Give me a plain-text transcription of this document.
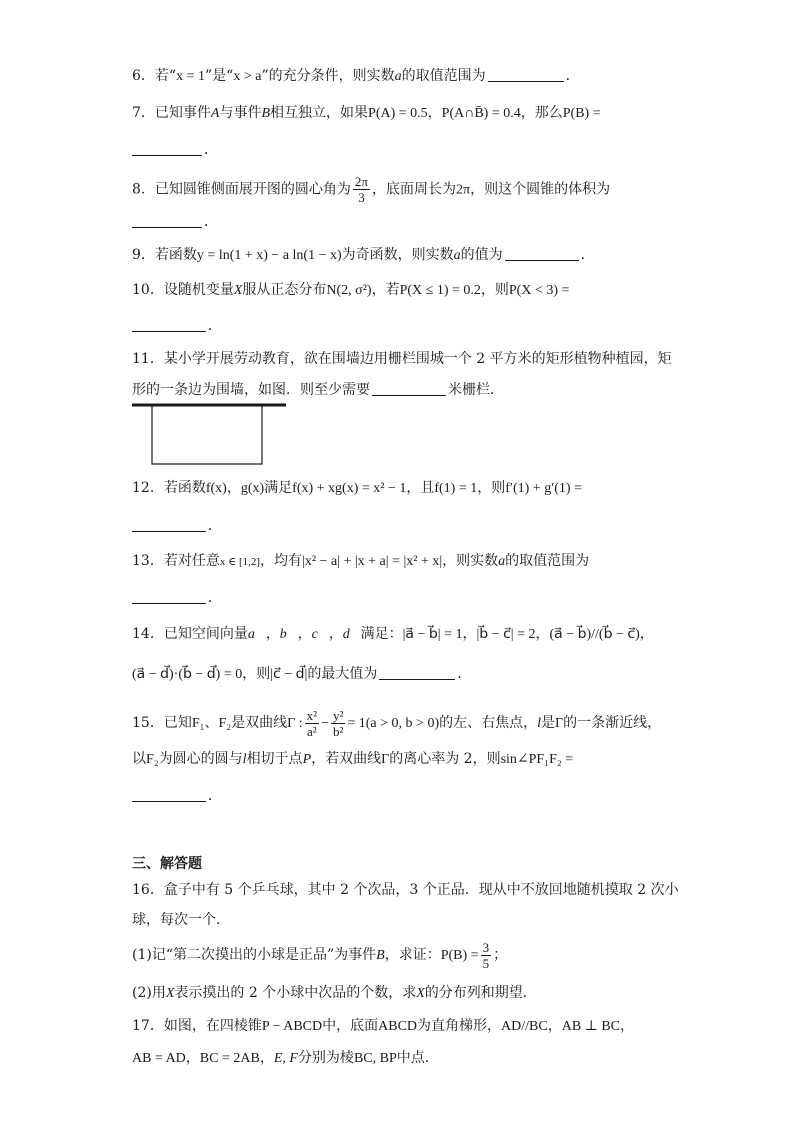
6．若“x = 1”是“x > a”的充分条件，则实数a的取值范围为	．
7．已知事件A与事件B相互独立，如果P(A) = 0.5，P(A∩B̄) = 0.4，那么P(B) =
．
8．已知圆锥侧面展开图的圆心角为 $\frac{2\pi}{3}$ ，底面周长为2π，则这个圆锥的体积为
．
9．若函数y = ln(1 + x) − a ln(1 − x)为奇函数，则实数a的值为	．
10．设随机变量X服从正态分布N(2, σ²)，若P(X ≤ 1) = 0.2，则P(X < 3) =
．
11．某小学开展劳动教育，欲在围墙边用栅栏围城一个 2 平方米的矩形植物种植园，矩
形的一条边为围墙，如图．则至少需要	米栅栏．
12．若函数f(x)，g(x)满足f(x) + xg(x) = x² − 1，且f(1) = 1，则f′(1) + g′(1) =
．
13．若对任意x ∈ [1,2]，均有|x² − a| + |x + a| = |x² + x|，则实数a的取值范围为
．
14．已知空间向量a⃗，b⃗，c⃗，d⃗满足：|a⃗ − b⃗| = 1，|b⃗ − c⃗| = 2，(a⃗ − b⃗)//(b⃗ − c⃗)，
(a⃗ − d⃗)·(b⃗ − d⃗) = 0，则|c⃗ − d⃗|的最大值为	．
15．已知F₁、F₂是双曲线Γ : $\frac{\text{x²}}{\text{a²}} - \frac{\text{y²}}{\text{b²}} = 1(a > 0$, b > 0)的左、右焦点，l是Γ的一条渐近线，
以F₂为圆心的圆与l相切于点P，若双曲线Γ的离心率为 2，则sin∠PF₁F₂ =
．
三、解答题
16．盒子中有 5 个乒乓球，其中 2 个次品，3 个正品．现从中不放回地随机摸取 2 次小
球，每次一个．
(1)记“第二次摸出的小球是正品”为事件B，求证：$P(B) = \frac{3}{5}$ ；
(2)用X表示摸出的 2 个小球中次品的个数，求X的分布列和期望．
17．如图，在四棱锥P − ABCD中，底面ABCD为直角梯形，AD//BC，AB ⊥ BC，
AB = AD，BC = 2AB，E, F分别为棱BC, BP中点．
